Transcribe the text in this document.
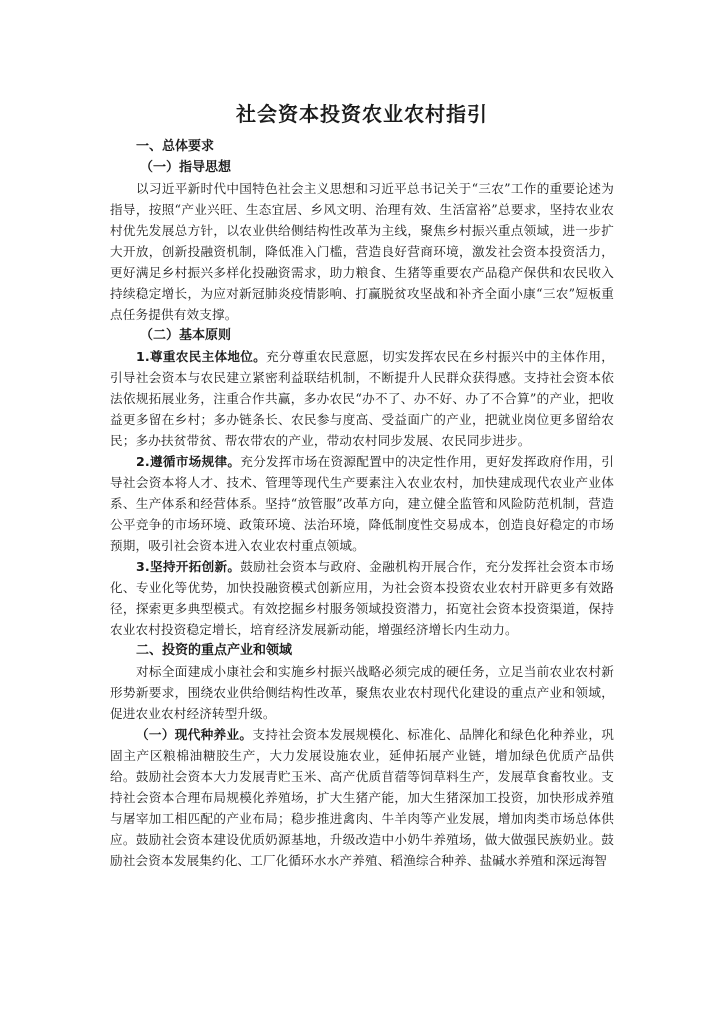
社会资本投资农业农村指引

一、总体要求

（一）指导思想

以习近平新时代中国特色社会主义思想和习近平总书记关于“三农”工作的重要论述为指导，按照“产业兴旺、生态宜居、乡风文明、治理有效、生活富裕”总要求，坚持农业农村优先发展总方针，以农业供给侧结构性改革为主线，聚焦乡村振兴重点领域，进一步扩大开放，创新投融资机制，降低准入门槛，营造良好营商环境，激发社会资本投资活力，更好满足乡村振兴多样化投融资需求，助力粮食、生猪等重要农产品稳产保供和农民收入持续稳定增长，为应对新冠肺炎疫情影响、打赢脱贫攻坚战和补齐全面小康“三农”短板重点任务提供有效支撑。

（二）基本原则

1.尊重农民主体地位。充分尊重农民意愿，切实发挥农民在乡村振兴中的主体作用，引导社会资本与农民建立紧密利益联结机制，不断提升人民群众获得感。支持社会资本依法依规拓展业务，注重合作共赢，多办农民“办不了、办不好、办了不合算”的产业，把收益更多留在乡村；多办链条长、农民参与度高、受益面广的产业，把就业岗位更多留给农民；多办扶贫带贫、帮农带农的产业，带动农村同步发展、农民同步进步。

2.遵循市场规律。充分发挥市场在资源配置中的决定性作用，更好发挥政府作用，引导社会资本将人才、技术、管理等现代生产要素注入农业农村，加快建成现代农业产业体系、生产体系和经营体系。坚持“放管服”改革方向，建立健全监管和风险防范机制，营造公平竞争的市场环境、政策环境、法治环境，降低制度性交易成本，创造良好稳定的市场预期，吸引社会资本进入农业农村重点领域。

3.坚持开拓创新。鼓励社会资本与政府、金融机构开展合作，充分发挥社会资本市场化、专业化等优势，加快投融资模式创新应用，为社会资本投资农业农村开辟更多有效路径，探索更多典型模式。有效挖掘乡村服务领域投资潜力，拓宽社会资本投资渠道，保持农业农村投资稳定增长，培育经济发展新动能，增强经济增长内生动力。

二、投资的重点产业和领域

对标全面建成小康社会和实施乡村振兴战略必须完成的硬任务，立足当前农业农村新形势新要求，围绕农业供给侧结构性改革，聚焦农业农村现代化建设的重点产业和领域，促进农业农村经济转型升级。

（一）现代种养业。支持社会资本发展规模化、标准化、品牌化和绿色化种养业，巩固主产区粮棉油糖胶生产，大力发展设施农业，延伸拓展产业链，增加绿色优质产品供给。鼓励社会资本大力发展青贮玉米、高产优质苜蓿等饲草料生产，发展草食畜牧业。支持社会资本合理布局规模化养殖场，扩大生猪产能，加大生猪深加工投资，加快形成养殖与屠宰加工相匹配的产业布局；稳步推进禽肉、牛羊肉等产业发展，增加肉类市场总体供应。鼓励社会资本建设优质奶源基地，升级改造中小奶牛养殖场，做大做强民族奶业。鼓励社会资本发展集约化、工厂化循环水水产养殖、稻渔综合种养、盐碱水养殖和深远海智
